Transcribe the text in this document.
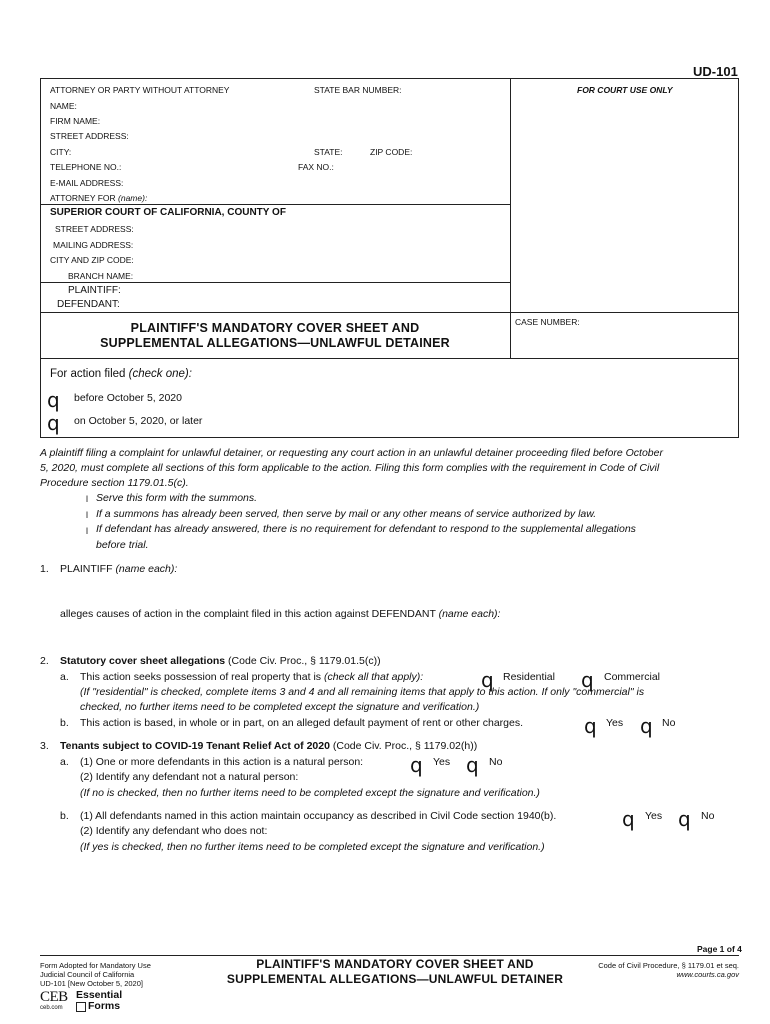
UD-101
ATTORNEY OR PARTY WITHOUT ATTORNEY	STATE BAR NUMBER:	FOR COURT USE ONLY
NAME:
FIRM NAME:
STREET ADDRESS:
CITY:	STATE:	ZIP CODE:
TELEPHONE NO.:	FAX NO.:
E-MAIL ADDRESS:
ATTORNEY FOR (name):
SUPERIOR COURT OF CALIFORNIA, COUNTY OF
STREET ADDRESS:
MAILING ADDRESS:
CITY AND ZIP CODE:
BRANCH NAME:
PLAINTIFF:
DEFENDANT:
CASE NUMBER:
PLAINTIFF'S MANDATORY COVER SHEET AND
SUPPLEMENTAL ALLEGATIONS—UNLAWFUL DETAINER
For action filed (check one):
q before October 5, 2020
q on October 5, 2020, or later
A plaintiff filing a complaint for unlawful detainer, or requesting any court action in an unlawful detainer proceeding filed before October
5, 2020, must complete all sections of this form applicable to the action. Filing this form complies with the requirement in Code of Civil
Procedure section 1179.01.5(c).
l Serve this form with the summons.
l If a summons has already been served, then serve by mail or any other means of service authorized by law.
l If defendant has already answered, there is no requirement for defendant to respond to the supplemental allegations
before trial.
1. PLAINTIFF (name each):
alleges causes of action in the complaint filed in this action against DEFENDANT (name each):
2. Statutory cover sheet allegations (Code Civ. Proc., § 1179.01.5(c))
a. This action seeks possession of real property that is (check all that apply):	q Residential q Commercial
(If "residential" is checked, complete items 3 and 4 and all remaining items that apply to this action. If only "commercial" is
checked, no further items need to be completed except the signature and verification.)
b. This action is based, in whole or in part, on an alleged default payment of rent or other charges.	q Yes q No
3. Tenants subject to COVID-19 Tenant Relief Act of 2020 (Code Civ. Proc., § 1179.02(h))
a. (1) One or more defendants in this action is a natural person: q Yes q No
(2) Identify any defendant not a natural person:
(If no is checked, then no further items need to be completed except the signature and verification.)
b. (1) All defendants named in this action maintain occupancy as described in Civil Code section 1940(b).	q Yes q No
(2) Identify any defendant who does not:
(If yes is checked, then no further items need to be completed except the signature and verification.)
Page 1 of 4
Form Adopted for Mandatory Use
Judicial Council of California
UD-101 [New October 5, 2020]
PLAINTIFF'S MANDATORY COVER SHEET AND
SUPPLEMENTAL ALLEGATIONS—UNLAWFUL DETAINER
Code of Civil Procedure, § 1179.01 et seq.
www.courts.ca.gov
CEB
ceb.com
Essential
Forms
